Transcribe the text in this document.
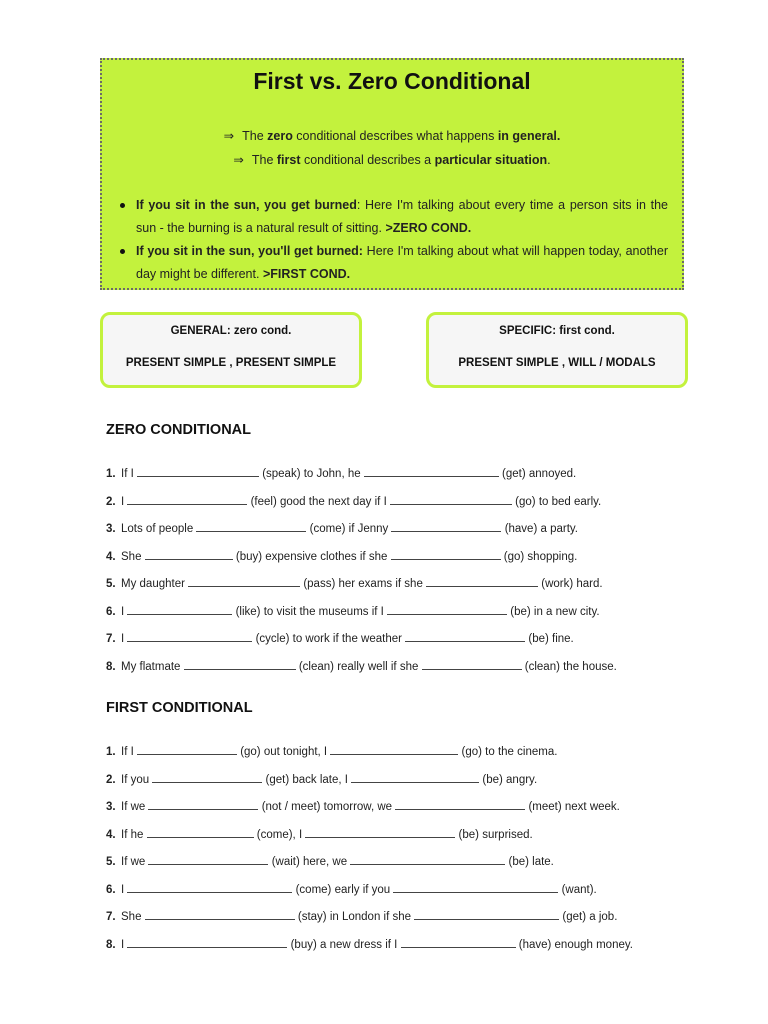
First vs. Zero Conditional
⇒ The zero conditional describes what happens in general.
⇒ The first conditional describes a particular situation.
If you sit in the sun, you get burned: Here I'm talking about every time a person sits in the sun - the burning is a natural result of sitting. >ZERO COND.
If you sit in the sun, you'll get burned: Here I'm talking about what will happen today, another day might be different. >FIRST COND.
GENERAL: zero cond.
PRESENT SIMPLE , PRESENT SIMPLE
SPECIFIC: first cond.
PRESENT SIMPLE , WILL / MODALS
ZERO CONDITIONAL
1. If I	(speak) to John, he	(get) annoyed.
2. I	(feel) good the next day if I	(go) to bed early.
3. Lots of people	(come) if Jenny	(have) a party.
4. She	(buy) expensive clothes if she	(go) shopping.
5. My daughter	(pass) her exams if she	(work) hard.
6. I	(like) to visit the museums if I	(be) in a new city.
7. I	(cycle) to work if the weather	(be) fine.
8. My flatmate	(clean) really well if she	(clean) the house.
FIRST CONDITIONAL
1. If I	(go) out tonight, I	(go) to the cinema.
2. If you	(get) back late, I	(be) angry.
3. If we	(not / meet) tomorrow, we	(meet) next week.
4. If he	(come), I	(be) surprised.
5. If we	(wait) here, we	(be) late.
6. I	(come) early if you	(want).
7. She	(stay) in London if she	(get) a job.
8. I	(buy) a new dress if I	(have) enough money.
